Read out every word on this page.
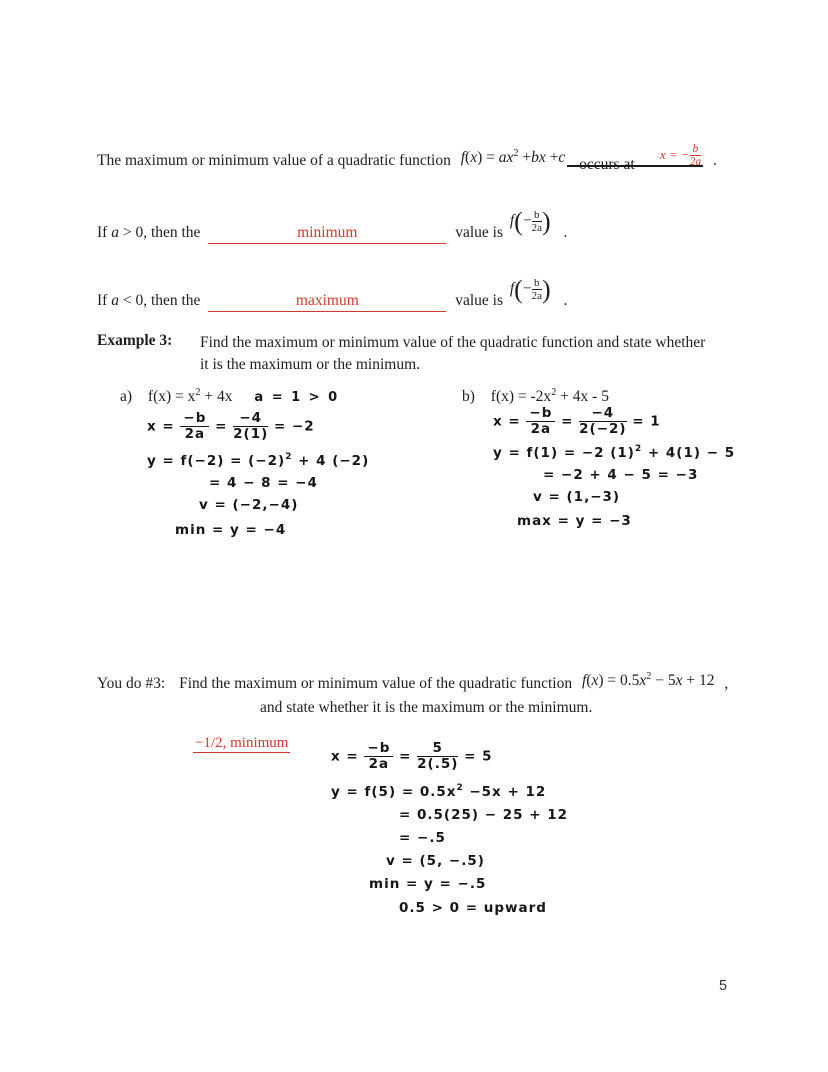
The maximum or minimum value of a quadratic function $f(x) = ax^2 +bx +c$ occurs at
x = − $\frac{b}{2a}$ .
If a > 0, then the	minimum	value is $f(- \frac{b}{2a}$ ) .
If a < 0, then the	maximum	value is $f(- \frac{b}{2a}$ ) .
Example 3:	Find the maximum or minimum value of the quadratic function and state whether
it is the maximum or the minimum.
a) $f(x) = x^2 + 4x$ a = 1 > 0
$x = \frac{-b}{2a} = \frac{-4}{2(1)} = -2$
$y = f(-2) = (-2)^2 + 4$ (−2)
= 4 − 8 = −4
v = (−2,−4)
min = y = −4
b) $f(x) = -2x^2 + 4x - 5$
$x = \frac{-b}{2a} = \frac{-4}{2(-2)} = 1$
y = f(1) = −2 $(1)^2 + 4(1) - 5$
= −2 + 4 − 5 = −3
v = (1,−3)
max = y = −3
You do #3: Find the maximum or minimum value of the quadratic function $f(x) = 0.5x^2 - 5x + 12$ ,
and state whether it is the maximum or the minimum.
−1/2, minimum
$x = \frac{-b}{2a} = \frac{5}{2(.5)} = 5$
$y = f(5) = 0.5x^2 -5x + 12$
= 0.5(25) − 25 + 12
= −.5
v = (5, −.5)
min = y = −.5
0.5 > 0 = upward
5
